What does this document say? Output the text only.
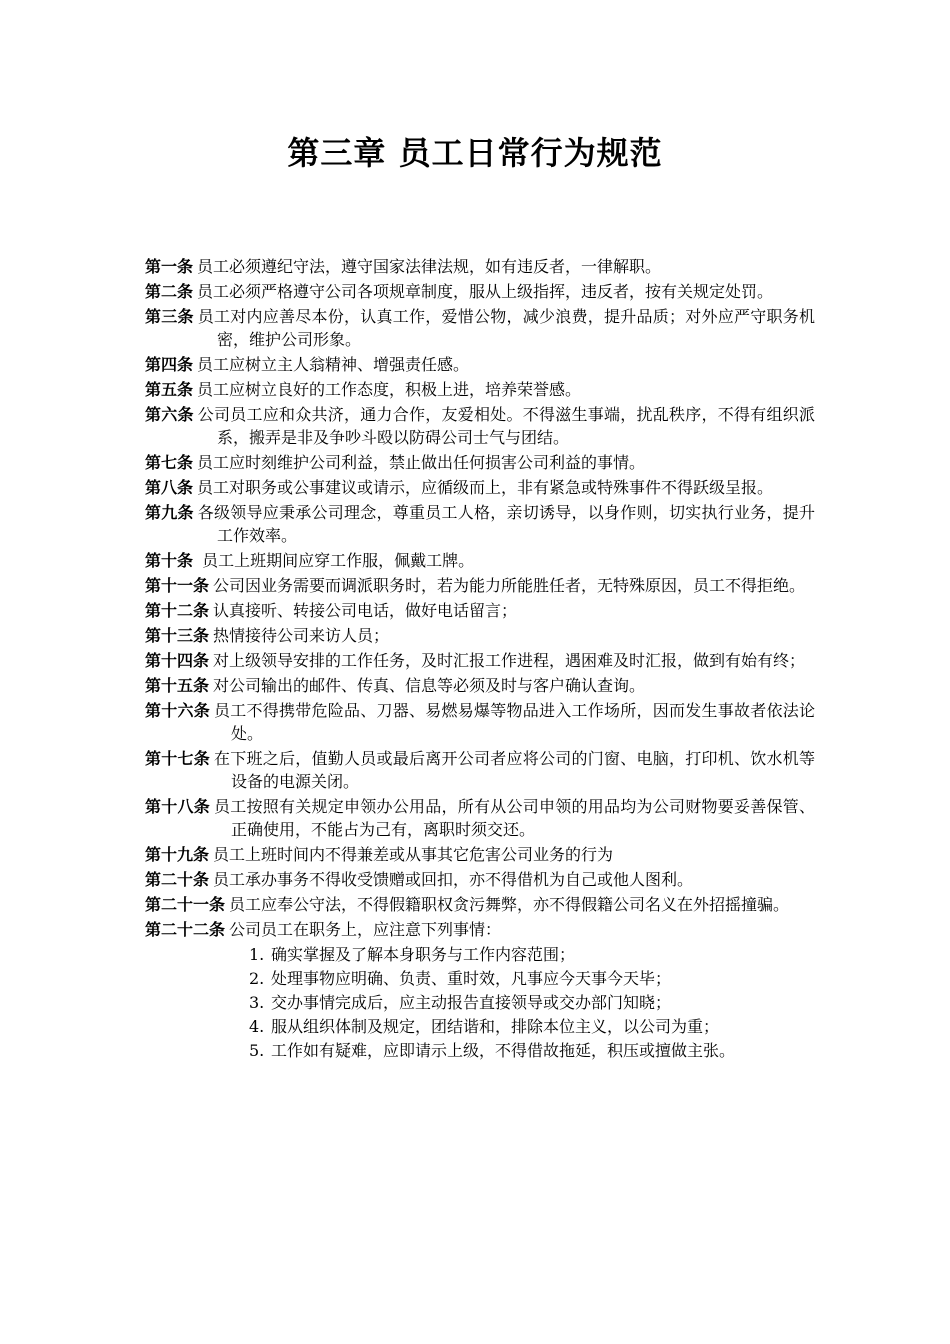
第三章 员工日常行为规范
第一条 员工必须遵纪守法，遵守国家法律法规，如有违反者，一律解职。
第二条 员工必须严格遵守公司各项规章制度，服从上级指挥，违反者，按有关规定处罚。
第三条 员工对内应善尽本份，认真工作，爱惜公物，减少浪费，提升品质；对外应严守职务机密，维护公司形象。
第四条 员工应树立主人翁精神、增强责任感。
第五条 员工应树立良好的工作态度，积极上进，培养荣誉感。
第六条 公司员工应和众共济，通力合作，友爱相处。不得滋生事端，扰乱秩序，不得有组织派系，搬弄是非及争吵斗殴以防碍公司士气与团结。
第七条 员工应时刻维护公司利益，禁止做出任何损害公司利益的事情。
第八条 员工对职务或公事建议或请示，应循级而上，非有紧急或特殊事件不得跃级呈报。
第九条 各级领导应秉承公司理念，尊重员工人格，亲切诱导，以身作则，切实执行业务，提升工作效率。
第十条 员工上班期间应穿工作服，佩戴工牌。
第十一条 公司因业务需要而调派职务时，若为能力所能胜任者，无特殊原因，员工不得拒绝。
第十二条 认真接听、转接公司电话，做好电话留言；
第十三条 热情接待公司来访人员；
第十四条 对上级领导安排的工作任务，及时汇报工作进程，遇困难及时汇报，做到有始有终；
第十五条 对公司输出的邮件、传真、信息等必须及时与客户确认查询。
第十六条 员工不得携带危险品、刀器、易燃易爆等物品进入工作场所，因而发生事故者依法论处。
第十七条 在下班之后，值勤人员或最后离开公司者应将公司的门窗、电脑，打印机、饮水机等设备的电源关闭。
第十八条 员工按照有关规定申领办公用品，所有从公司申领的用品均为公司财物要妥善保管、正确使用，不能占为己有，离职时须交还。
第十九条 员工上班时间内不得兼差或从事其它危害公司业务的行为
第二十条 员工承办事务不得收受馈赠或回扣，亦不得借机为自己或他人图利。
第二十一条 员工应奉公守法，不得假籍职权贪污舞弊，亦不得假籍公司名义在外招摇撞骗。
第二十二条 公司员工在职务上，应注意下列事情：
1. 确实掌握及了解本身职务与工作内容范围；
2. 处理事物应明确、负责、重时效，凡事应今天事今天毕；
3. 交办事情完成后，应主动报告直接领导或交办部门知晓；
4. 服从组织体制及规定，团结谐和，排除本位主义，以公司为重；
5. 工作如有疑难，应即请示上级，不得借故拖延，积压或擅做主张。
